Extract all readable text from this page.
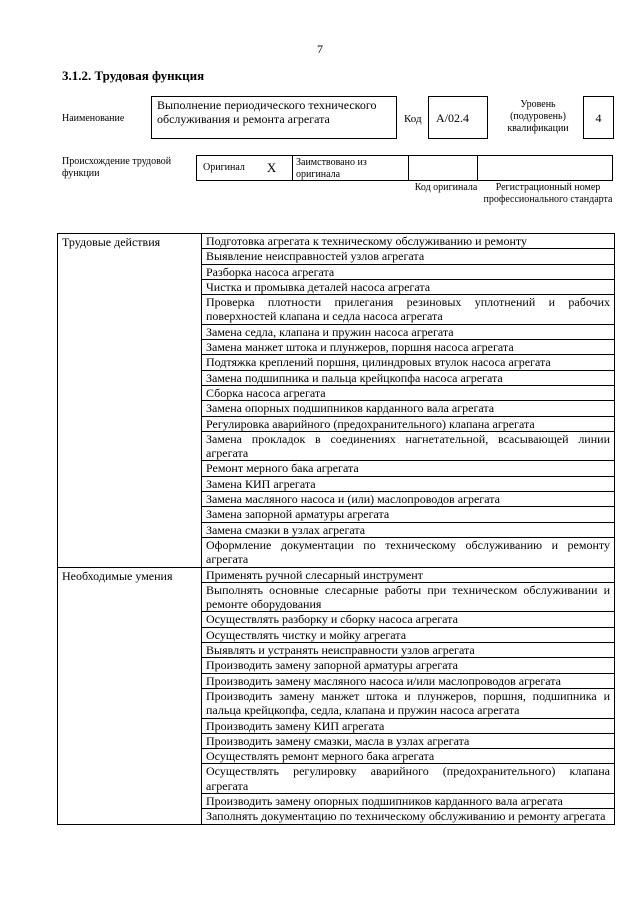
7
3.1.2. Трудовая функция
Наименование
Выполнение периодического технического обслуживания и ремонта агрегата	Код	А/02.4
Уровень (подуровень) квалификации
4
Происхождение трудовой функции
Оригинал X	Заимствовано из оригинала
Код оригинала	Регистрационный номер профессионального стандарта
Трудовые действия	Подготовка агрегата к техническому обслуживанию и ремонту
	Выявление неисправностей узлов агрегата
	Разборка насоса агрегата
	Чистка и промывка деталей насоса агрегата
	Проверка плотности прилегания резиновых уплотнений и рабочих поверхностей клапана и седла насоса агрегата
	Замена седла, клапана и пружин насоса агрегата
	Замена манжет штока и плунжеров, поршня насоса агрегата
	Подтяжка креплений поршня, цилиндровых втулок насоса агрегата
	Замена подшипника и пальца крейцкопфа насоса агрегата
	Сборка насоса агрегата
	Замена опорных подшипников карданного вала агрегата
	Регулировка аварийного (предохранительного) клапана агрегата
	Замена прокладок в соединениях нагнетательной, всасывающей линии агрегата
	Ремонт мерного бака агрегата
	Замена КИП агрегата
	Замена масляного насоса и (или) маслопроводов агрегата
	Замена запорной арматуры агрегата
	Замена смазки в узлах агрегата
	Оформление документации по техническому обслуживанию и ремонту агрегата
Необходимые умения	Применять ручной слесарный инструмент
	Выполнять основные слесарные работы при техническом обслуживании и ремонте оборудования
	Осуществлять разборку и сборку насоса агрегата
	Осуществлять чистку и мойку агрегата
	Выявлять и устранять неисправности узлов агрегата
	Производить замену запорной арматуры агрегата
	Производить замену масляного насоса и/или маслопроводов агрегата
	Производить замену манжет штока и плунжеров, поршня, подшипника и пальца крейцкопфа, седла, клапана и пружин насоса агрегата
	Производить замену КИП агрегата
	Производить замену смазки, масла в узлах агрегата
	Осуществлять ремонт мерного бака агрегата
	Осуществлять регулировку аварийного (предохранительного) клапана агрегата
	Производить замену опорных подшипников карданного вала агрегата
	Заполнять документацию по техническому обслуживанию и ремонту агрегата
